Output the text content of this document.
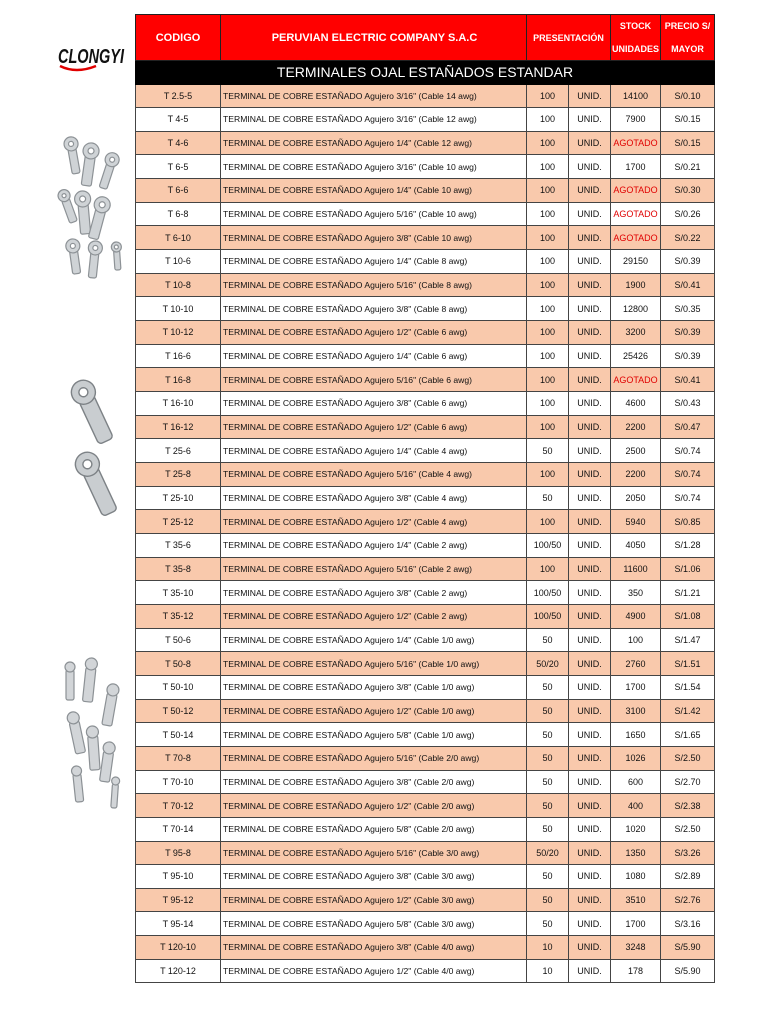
CLONGYI
CODIGO	PERUVIAN ELECTRIC COMPANY S.A.C	PRESENTACIÓN		STOCK	PRECIO S/
				UNIDADES	MAYOR
TERMINALES OJAL ESTAÑADOS ESTANDAR					
T 2.5-5	TERMINAL DE COBRE ESTAÑADO Agujero 3/16" (Cable 14 awg)	100	UNID.	14100	S/0.10
T 4-5	TERMINAL DE COBRE ESTAÑADO Agujero 3/16" (Cable 12 awg)	100	UNID.	7900	S/0.15
T 4-6	TERMINAL DE COBRE ESTAÑADO Agujero 1/4" (Cable 12 awg)	100	UNID.	AGOTADO	S/0.15
T 6-5	TERMINAL DE COBRE ESTAÑADO Agujero 3/16" (Cable 10 awg)	100	UNID.	1700	S/0.21
T 6-6	TERMINAL DE COBRE ESTAÑADO Agujero 1/4" (Cable 10 awg)	100	UNID.	AGOTADO	S/0.30
T 6-8	TERMINAL DE COBRE ESTAÑADO Agujero 5/16" (Cable 10 awg)	100	UNID.	AGOTADO	S/0.26
T 6-10	TERMINAL DE COBRE ESTAÑADO Agujero 3/8" (Cable 10 awg)	100	UNID.	AGOTADO	S/0.22
T 10-6	TERMINAL DE COBRE ESTAÑADO Agujero 1/4" (Cable 8 awg)	100	UNID.	29150	S/0.39
T 10-8	TERMINAL DE COBRE ESTAÑADO Agujero 5/16" (Cable 8 awg)	100	UNID.	1900	S/0.41
T 10-10	TERMINAL DE COBRE ESTAÑADO Agujero 3/8" (Cable 8 awg)	100	UNID.	12800	S/0.35
T 10-12	TERMINAL DE COBRE ESTAÑADO Agujero 1/2" (Cable 6 awg)	100	UNID.	3200	S/0.39
T 16-6	TERMINAL DE COBRE ESTAÑADO Agujero 1/4" (Cable 6 awg)	100	UNID.	25426	S/0.39
T 16-8	TERMINAL DE COBRE ESTAÑADO Agujero 5/16" (Cable 6 awg)	100	UNID.	AGOTADO	S/0.41
T 16-10	TERMINAL DE COBRE ESTAÑADO Agujero 3/8" (Cable 6 awg)	100	UNID.	4600	S/0.43
T 16-12	TERMINAL DE COBRE ESTAÑADO Agujero 1/2" (Cable 6 awg)	100	UNID.	2200	S/0.47
T 25-6	TERMINAL DE COBRE ESTAÑADO Agujero 1/4" (Cable 4 awg)	50	UNID.	2500	S/0.74
T 25-8	TERMINAL DE COBRE ESTAÑADO Agujero 5/16" (Cable 4 awg)	100	UNID.	2200	S/0.74
T 25-10	TERMINAL DE COBRE ESTAÑADO Agujero 3/8" (Cable 4 awg)	50	UNID.	2050	S/0.74
T 25-12	TERMINAL DE COBRE ESTAÑADO Agujero 1/2" (Cable 4 awg)	100	UNID.	5940	S/0.85
T 35-6	TERMINAL DE COBRE ESTAÑADO Agujero 1/4" (Cable 2 awg)	100/50	UNID.	4050	S/1.28
T 35-8	TERMINAL DE COBRE ESTAÑADO Agujero 5/16" (Cable 2 awg)	100	UNID.	11600	S/1.06
T 35-10	TERMINAL DE COBRE ESTAÑADO Agujero 3/8" (Cable 2 awg)	100/50	UNID.	350	S/1.21
T 35-12	TERMINAL DE COBRE ESTAÑADO Agujero 1/2" (Cable 2 awg)	100/50	UNID.	4900	S/1.08
T 50-6	TERMINAL DE COBRE ESTAÑADO Agujero 1/4" (Cable 1/0 awg)	50	UNID.	100	S/1.47
T 50-8	TERMINAL DE COBRE ESTAÑADO Agujero 5/16" (Cable 1/0 awg)	50/20	UNID.	2760	S/1.51
T 50-10	TERMINAL DE COBRE ESTAÑADO Agujero 3/8" (Cable 1/0 awg)	50	UNID.	1700	S/1.54
T 50-12	TERMINAL DE COBRE ESTAÑADO Agujero 1/2" (Cable 1/0 awg)	50	UNID.	3100	S/1.42
T 50-14	TERMINAL DE COBRE ESTAÑADO Agujero 5/8" (Cable 1/0 awg)	50	UNID.	1650	S/1.65
T 70-8	TERMINAL DE COBRE ESTAÑADO Agujero 5/16" (Cable 2/0 awg)	50	UNID.	1026	S/2.50
T 70-10	TERMINAL DE COBRE ESTAÑADO Agujero 3/8" (Cable 2/0 awg)	50	UNID.	600	S/2.70
T 70-12	TERMINAL DE COBRE ESTAÑADO Agujero 1/2" (Cable 2/0 awg)	50	UNID.	400	S/2.38
T 70-14	TERMINAL DE COBRE ESTAÑADO Agujero 5/8" (Cable 2/0 awg)	50	UNID.	1020	S/2.50
T 95-8	TERMINAL DE COBRE ESTAÑADO Agujero 5/16" (Cable 3/0 awg)	50/20	UNID.	1350	S/3.26
T 95-10	TERMINAL DE COBRE ESTAÑADO Agujero 3/8" (Cable 3/0 awg)	50	UNID.	1080	S/2.89
T 95-12	TERMINAL DE COBRE ESTAÑADO Agujero 1/2" (Cable 3/0 awg)	50	UNID.	3510	S/2.76
T 95-14	TERMINAL DE COBRE ESTAÑADO Agujero 5/8" (Cable 3/0 awg)	50	UNID.	1700	S/3.16
T 120-10	TERMINAL DE COBRE ESTAÑADO Agujero 3/8" (Cable 4/0 awg)	10	UNID.	3248	S/5.90
T 120-12	TERMINAL DE COBRE ESTAÑADO Agujero 1/2" (Cable 4/0 awg)	10	UNID.	178	S/5.90
